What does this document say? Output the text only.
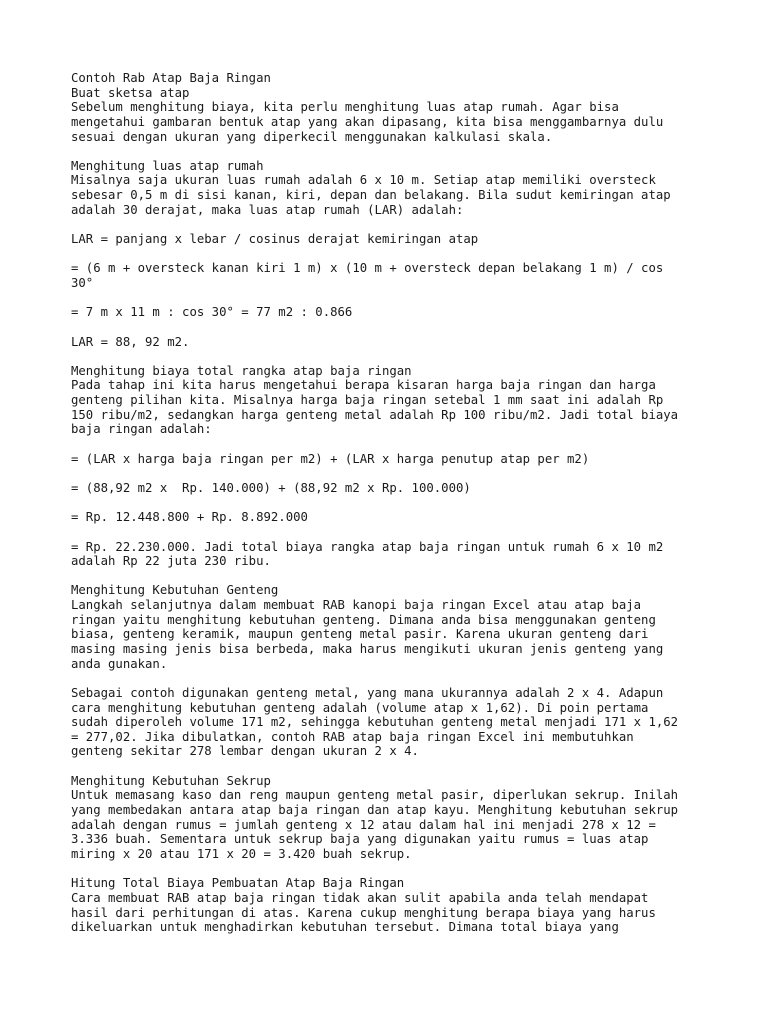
Contoh Rab Atap Baja Ringan
Buat sketsa atap
Sebelum menghitung biaya, kita perlu menghitung luas atap rumah. Agar bisa
mengetahui gambaran bentuk atap yang akan dipasang, kita bisa menggambarnya dulu
sesuai dengan ukuran yang diperkecil menggunakan kalkulasi skala.
Menghitung luas atap rumah
Misalnya saja ukuran luas rumah adalah 6 x 10 m. Setiap atap memiliki oversteck
sebesar 0,5 m di sisi kanan, kiri, depan dan belakang. Bila sudut kemiringan atap
adalah 30 derajat, maka luas atap rumah (LAR) adalah:
LAR = panjang x lebar / cosinus derajat kemiringan atap
= (6 m + oversteck kanan kiri 1 m) x (10 m + oversteck depan belakang 1 m) / cos
30°
= 7 m x 11 m : cos 30° = 77 m2 : 0.866
LAR = 88, 92 m2.
Menghitung biaya total rangka atap baja ringan
Pada tahap ini kita harus mengetahui berapa kisaran harga baja ringan dan harga
genteng pilihan kita. Misalnya harga baja ringan setebal 1 mm saat ini adalah Rp
150 ribu/m2, sedangkan harga genteng metal adalah Rp 100 ribu/m2. Jadi total biaya
baja ringan adalah:
= (LAR x harga baja ringan per m2) + (LAR x harga penutup atap per m2)
= (88,92 m2 x  Rp. 140.000) + (88,92 m2 x Rp. 100.000)
= Rp. 12.448.800 + Rp. 8.892.000
= Rp. 22.230.000. Jadi total biaya rangka atap baja ringan untuk rumah 6 x 10 m2
adalah Rp 22 juta 230 ribu.
Menghitung Kebutuhan Genteng
Langkah selanjutnya dalam membuat RAB kanopi baja ringan Excel atau atap baja
ringan yaitu menghitung kebutuhan genteng. Dimana anda bisa menggunakan genteng
biasa, genteng keramik, maupun genteng metal pasir. Karena ukuran genteng dari
masing masing jenis bisa berbeda, maka harus mengikuti ukuran jenis genteng yang
anda gunakan.
Sebagai contoh digunakan genteng metal, yang mana ukurannya adalah 2 x 4. Adapun
cara menghitung kebutuhan genteng adalah (volume atap x 1,62). Di poin pertama
sudah diperoleh volume 171 m2, sehingga kebutuhan genteng metal menjadi 171 x 1,62
= 277,02. Jika dibulatkan, contoh RAB atap baja ringan Excel ini membutuhkan
genteng sekitar 278 lembar dengan ukuran 2 x 4.
Menghitung Kebutuhan Sekrup
Untuk memasang kaso dan reng maupun genteng metal pasir, diperlukan sekrup. Inilah
yang membedakan antara atap baja ringan dan atap kayu. Menghitung kebutuhan sekrup
adalah dengan rumus = jumlah genteng x 12 atau dalam hal ini menjadi 278 x 12 =
3.336 buah. Sementara untuk sekrup baja yang digunakan yaitu rumus = luas atap
miring x 20 atau 171 x 20 = 3.420 buah sekrup.
Hitung Total Biaya Pembuatan Atap Baja Ringan
Cara membuat RAB atap baja ringan tidak akan sulit apabila anda telah mendapat
hasil dari perhitungan di atas. Karena cukup menghitung berapa biaya yang harus
dikeluarkan untuk menghadirkan kebutuhan tersebut. Dimana total biaya yang
